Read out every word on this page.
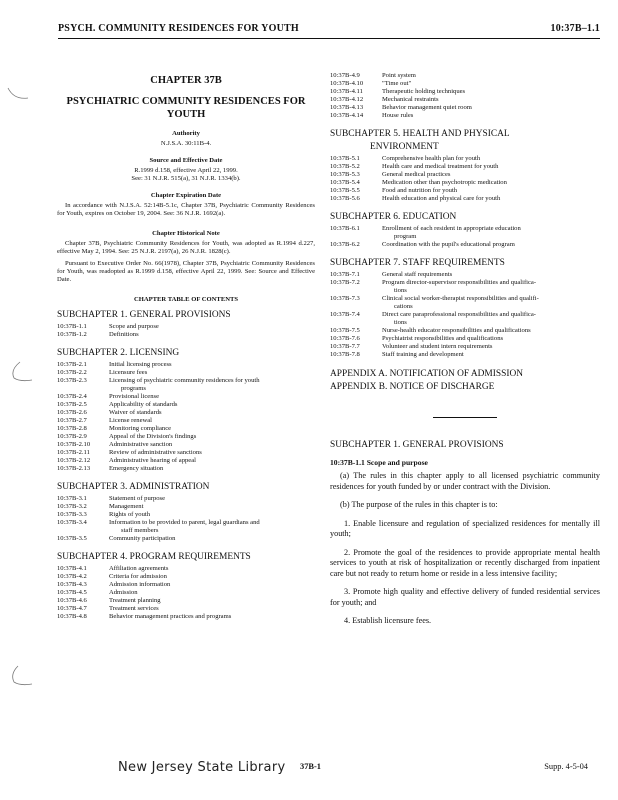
PSYCH. COMMUNITY RESIDENCES FOR YOUTH	10:37B–1.1
CHAPTER 37B
PSYCHIATRIC COMMUNITY RESIDENCES FOR YOUTH
Authority
N.J.S.A. 30:11B-4.
Source and Effective Date
R.1999 d.158, effective April 22, 1999.
See: 31 N.J.R. 515(a), 31 N.J.R. 1334(b).
Chapter Expiration Date

In accordance with N.J.S.A. 52:14B-5.1c, Chapter 37B, Psychiatric Community Residences for Youth, expires on October 19, 2004. See: 36 N.J.R. 1692(a).

Chapter Historical Note

Chapter 37B, Psychiatric Community Residences for Youth, was adopted as R.1994 d.227, effective May 2, 1994. See: 25 N.J.R. 2197(a), 26 N.J.R. 1828(c).

Pursuant to Executive Order No. 66(1978), Chapter 37B, Psychiatric Community Residences for Youth, was readopted as R.1999 d.158, effective April 22, 1999. See: Source and Effective Date.

CHAPTER TABLE OF CONTENTS
SUBCHAPTER 1. GENERAL PROVISIONS
10:37B-1.1	Scope and purpose
10:37B-1.2	Definitions
SUBCHAPTER 2. LICENSING
10:37B-2.1	Initial licensing process
10:37B-2.2	Licensure fees
10:37B-2.3	Licensing of psychiatric community residences for youth
programs
10:37B-2.4	Provisional license
10:37B-2.5	Applicability of standards
10:37B-2.6	Waiver of standards
10:37B-2.7	License renewal
10:37B-2.8	Monitoring compliance
10:37B-2.9	Appeal of the Division's findings
10:37B-2.10	Administrative sanction
10:37B-2.11	Review of administrative sanctions
10:37B-2.12	Administrative hearing of appeal
10:37B-2.13	Emergency situation
SUBCHAPTER 3. ADMINISTRATION
10:37B-3.1	Statement of purpose
10:37B-3.2	Management
10:37B-3.3	Rights of youth
10:37B-3.4	Information to be provided to parent, legal guardians and
staff members
10:37B-3.5	Community participation
SUBCHAPTER 4. PROGRAM REQUIREMENTS
10:37B-4.1	Affiliation agreements
10:37B-4.2	Criteria for admission
10:37B-4.3	Admission information
10:37B-4.5	Admission
10:37B-4.6	Treatment planning
10:37B-4.7	Treatment services
10:37B-4.8	Behavior management practices and programs
10:37B-4.9	Point system
10:37B-4.10	"Time out"
10:37B-4.11	Therapeutic holding techniques
10:37B-4.12	Mechanical restraints
10:37B-4.13	Behavior management quiet room
10:37B-4.14	House rules
SUBCHAPTER 5. HEALTH AND PHYSICAL
ENVIRONMENT
10:37B-5.1	Comprehensive health plan for youth
10:37B-5.2	Health care and medical treatment for youth
10:37B-5.3	General medical practices
10:37B-5.4	Medication other than psychotropic medication
10:37B-5.5	Food and nutrition for youth
10:37B-5.6	Health education and physical care for youth
SUBCHAPTER 6. EDUCATION
10:37B-6.1	Enrollment of each resident in appropriate education
program
10:37B-6.2	Coordination with the pupil's educational program
SUBCHAPTER 7. STAFF REQUIREMENTS
10:37B-7.1	General staff requirements
10:37B-7.2	Program director-supervisor responsibilities and qualifica-
tions
10:37B-7.3	Clinical social worker-therapist responsibilities and qualifi-
cations
10:37B-7.4	Direct care paraprofessional responsibilities and qualifica-
tions
10:37B-7.5	Nurse-health educator responsibilities and qualifications
10:37B-7.6	Psychiatrist responsibilities and qualifications
10:37B-7.7	Volunteer and student intern requirements
10:37B-7.8	Staff training and development
APPENDIX A. NOTIFICATION OF ADMISSION
APPENDIX B. NOTICE OF DISCHARGE
SUBCHAPTER 1. GENERAL PROVISIONS
10:37B-1.1 Scope and purpose

(a) The rules in this chapter apply to all licensed psychiatric community residences for youth funded by or under contract with the Division.

(b) The purpose of the rules in this chapter is to:

1. Enable licensure and regulation of specialized residences for mentally ill youth;

2. Promote the goal of the residences to provide appropriate mental health services to youth at risk of hospitalization or recently discharged from inpatient care but not ready to return home or reside in a less intensive facility;

3. Promote high quality and effective delivery of funded residential services for youth; and

4. Establish licensure fees.

New Jersey State Library 37B-1	Supp. 4-5-04
